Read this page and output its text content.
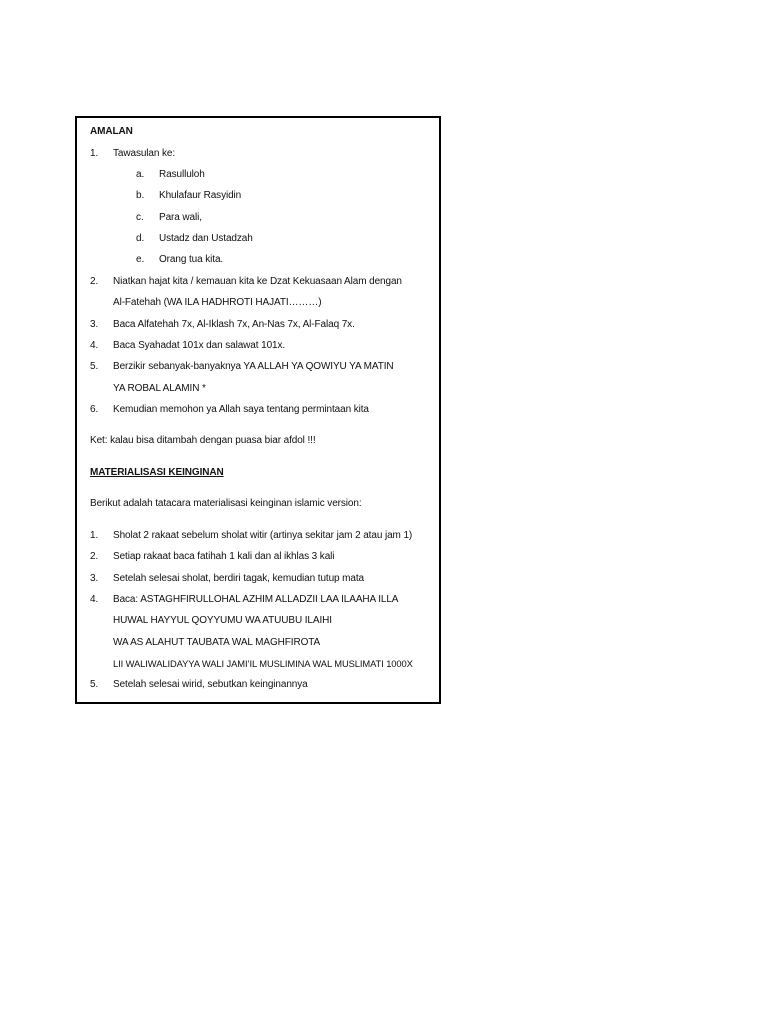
AMALAN
1. Tawasulan ke:
a. Rasulluloh
b. Khulafaur Rasyidin
c. Para wali,
d. Ustadz dan Ustadzah
e. Orang tua kita.
2. Niatkan hajat kita / kemauan kita ke Dzat Kekuasaan Alam dengan
Al-Fatehah (WA ILA HADHROTI HAJATI………)
3. Baca Alfatehah 7x, Al-Iklash 7x, An-Nas 7x, Al-Falaq 7x.
4. Baca Syahadat 101x dan salawat 101x.
5. Berzikir sebanyak-banyaknya YA ALLAH YA QOWIYU YA MATIN
YA ROBAL ALAMIN *
6. Kemudian memohon ya Allah saya tentang permintaan kita
Ket: kalau bisa ditambah dengan puasa biar afdol !!!
MATERIALISASI KEINGINAN
Berikut adalah tatacara materialisasi keinginan islamic version:
1. Sholat 2 rakaat sebelum sholat witir (artinya sekitar jam 2 atau jam 1)
2. Setiap rakaat baca fatihah 1 kali dan al ikhlas 3 kali
3. Setelah selesai sholat, berdiri tagak, kemudian tutup mata
4. Baca: ASTAGHFIRULLOHAL AZHIM ALLADZII LAA ILAAHA ILLA
HUWAL HAYYUL QOYYUMU WA ATUUBU ILAIHI
WA AS ALAHUT TAUBATA WAL MAGHFIROTA
LII WALIWALIDAYYA WALI JAMI’IL MUSLIMINA WAL MUSLIMATI 1000X
5. Setelah selesai wirid, sebutkan keinginannya
